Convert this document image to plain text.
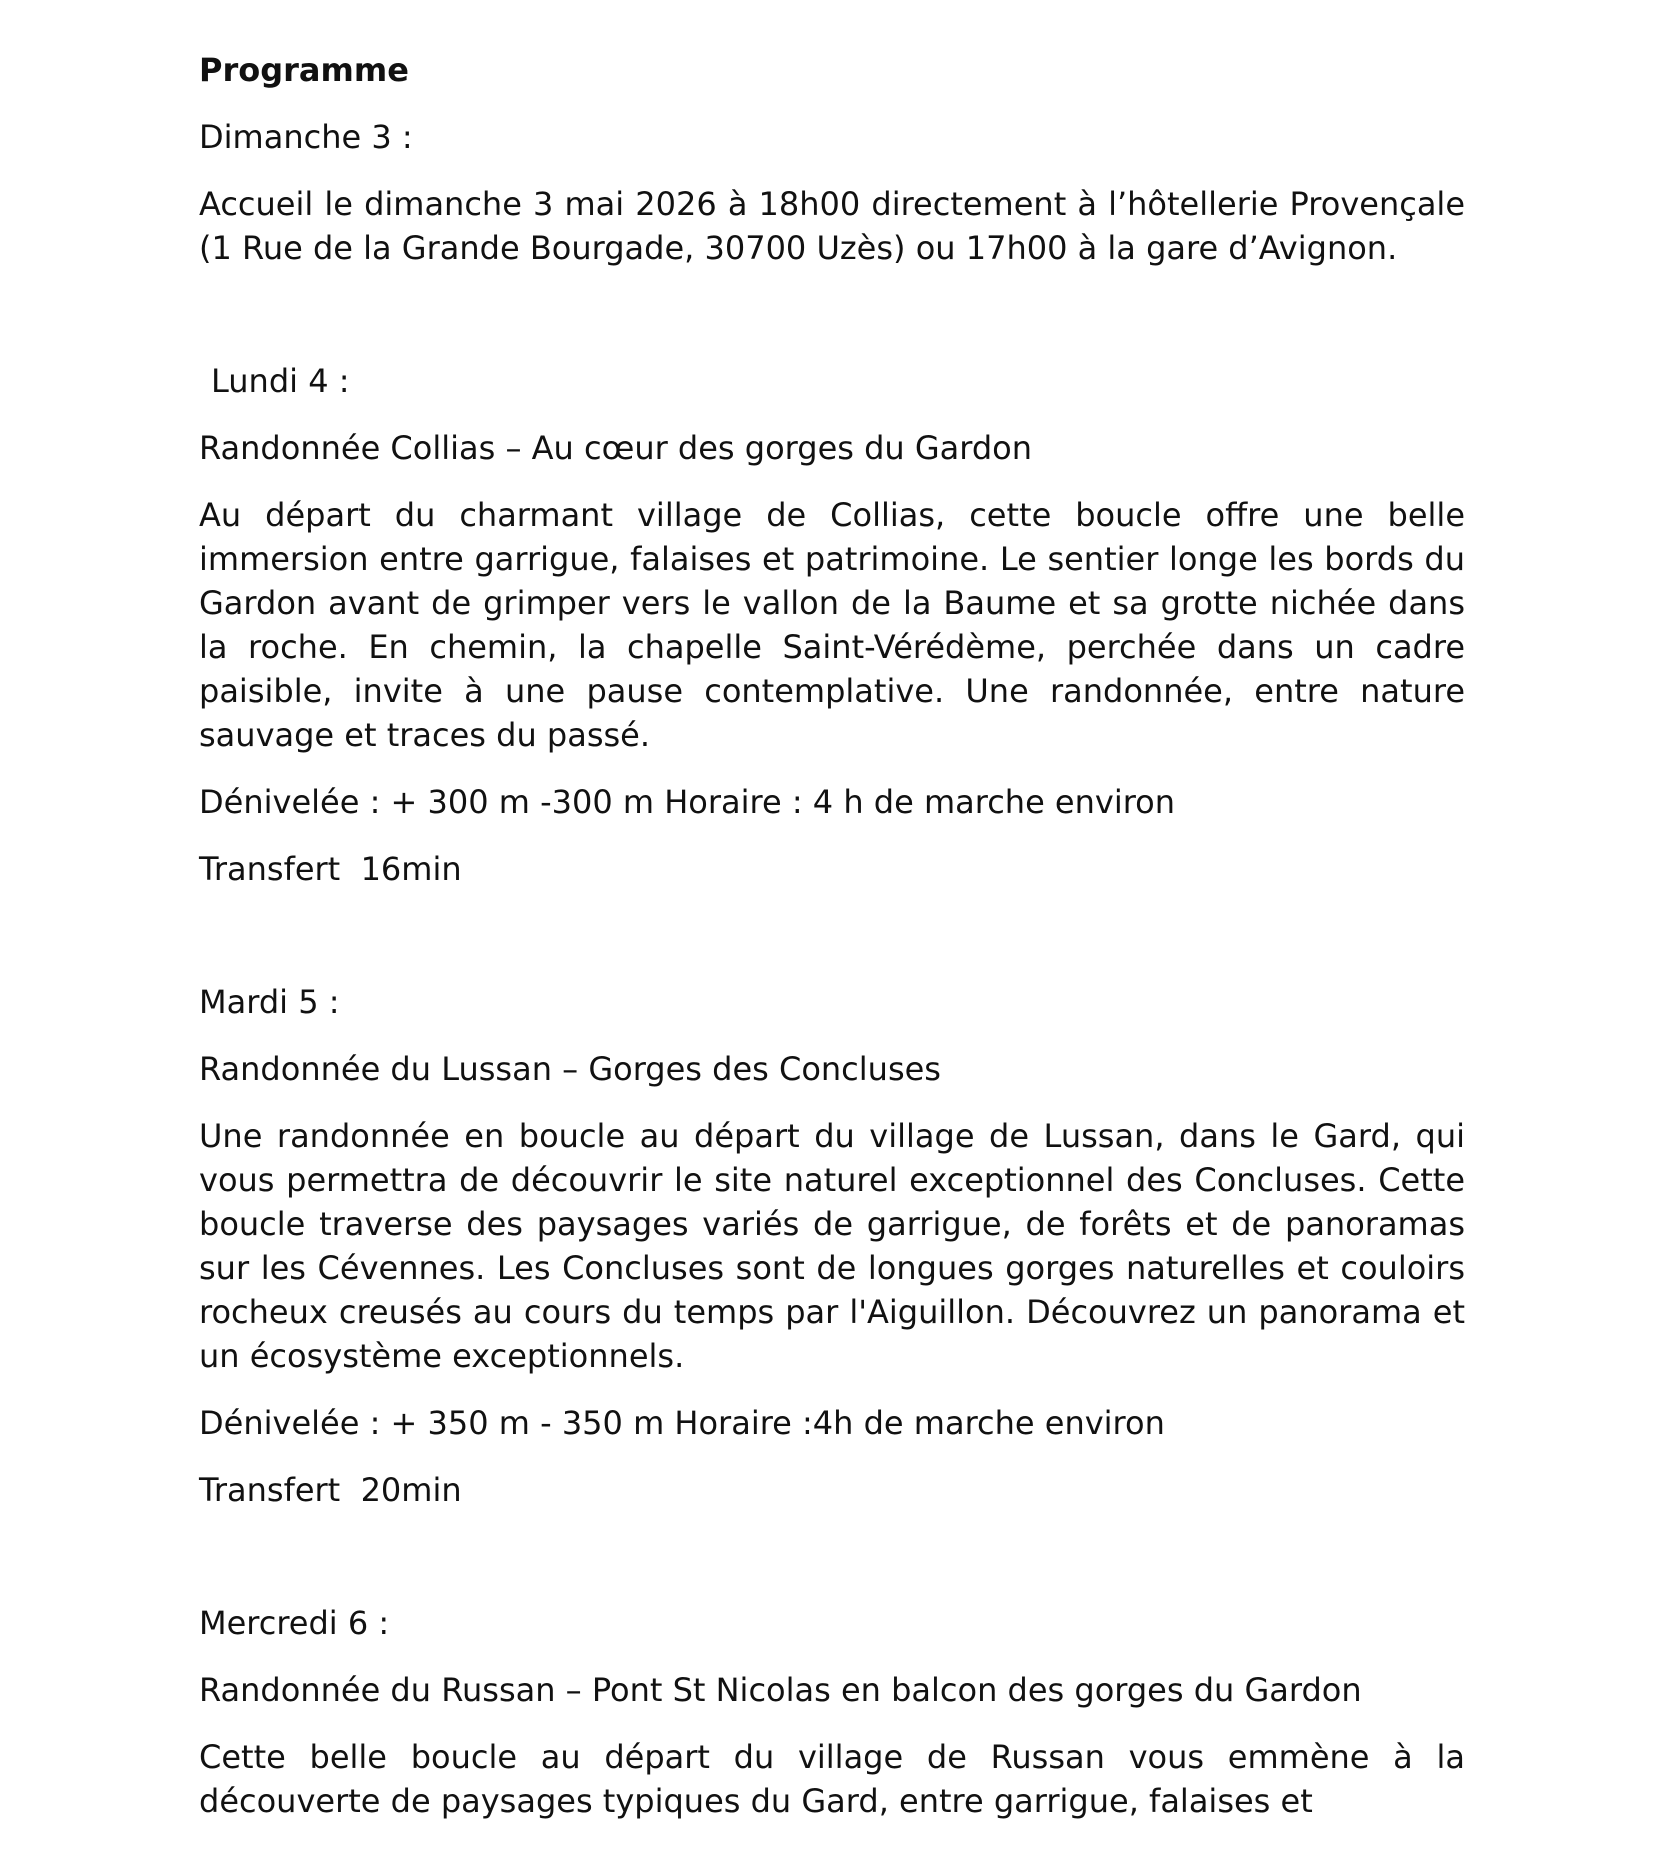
Programme
Dimanche 3 :
Accueil le dimanche 3 mai 2026 à 18h00 directement à l’hôtellerie Provençale (1 Rue de la Grande Bourgade, 30700 Uzès) ou 17h00 à la gare d’Avignon.
Lundi 4 :
Randonnée Collias – Au cœur des gorges du Gardon
Au départ du charmant village de Collias, cette boucle offre une belle immersion entre garrigue, falaises et patrimoine. Le sentier longe les bords du Gardon avant de grimper vers le vallon de la Baume et sa grotte nichée dans la roche. En chemin, la chapelle Saint-Vérédème, perchée dans un cadre paisible, invite à une pause contemplative. Une randonnée, entre nature sauvage et traces du passé.
Dénivelée : + 300 m -300 m Horaire : 4 h de marche environ
Transfert  16min
Mardi 5 :
Randonnée du Lussan – Gorges des Concluses
Une randonnée en boucle au départ du village de Lussan, dans le Gard, qui vous permettra de découvrir le site naturel exceptionnel des Concluses. Cette boucle traverse des paysages variés de garrigue, de forêts et de panoramas sur les Cévennes. Les Concluses sont de longues gorges naturelles et couloirs rocheux creusés au cours du temps par l'Aiguillon. Découvrez un panorama et un écosystème exceptionnels.
Dénivelée : + 350 m - 350 m Horaire :4h de marche environ
Transfert  20min
Mercredi 6 :
Randonnée du Russan – Pont St Nicolas en balcon des gorges du Gardon
Cette belle boucle au départ du village de Russan vous emmène à la découverte de paysages typiques du Gard, entre garrigue, falaises et
